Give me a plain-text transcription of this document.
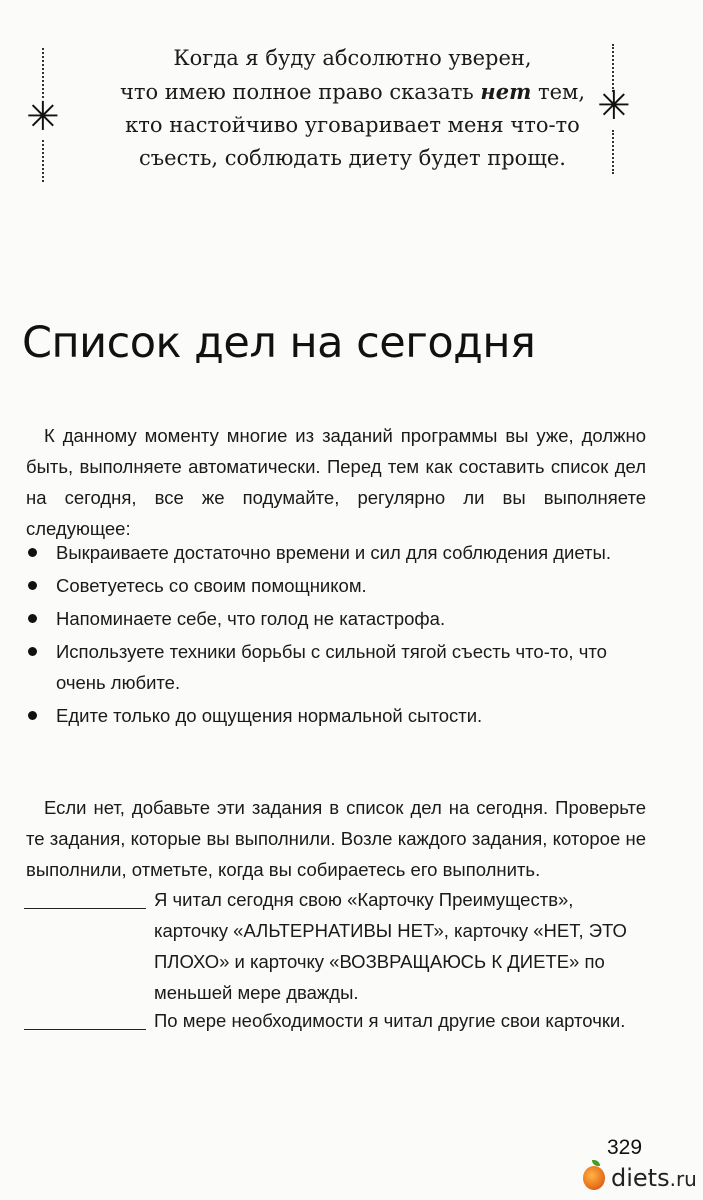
✳	✳
Когда я буду абсолютно уверен,
что имею полное право сказать нет тем,
кто настойчиво уговаривает меня что-то
съесть, соблюдать диету будет проще.
Список дел на сегодня
К данному моменту многие из заданий программы вы уже, должно быть, выполняете автоматически. Перед тем как составить список дел на сегодня, все же подумайте, регулярно ли вы выполняете следующее:
Выкраиваете достаточно времени и сил для соблюдения диеты.
Советуетесь со своим помощником.
Напоминаете себе, что голод не катастрофа.
Используете техники борьбы с сильной тягой съесть что-то, что очень любите.
Едите только до ощущения нормальной сытости.
Если нет, добавьте эти задания в список дел на сегодня. Проверьте те задания, которые вы выполнили. Возле каждого задания, которое не выполнили, отметьте, когда вы собираетесь его выполнить.
Я читал сегодня свою «Карточку Преимуществ», карточку «АЛЬТЕРНАТИВЫ НЕТ», карточку «НЕТ, ЭТО ПЛОХО» и карточку «ВОЗВРАЩАЮСЬ К ДИЕТЕ» по меньшей мере дважды.
По мере необходимости я читал другие свои карточки.
329
diets.ru
